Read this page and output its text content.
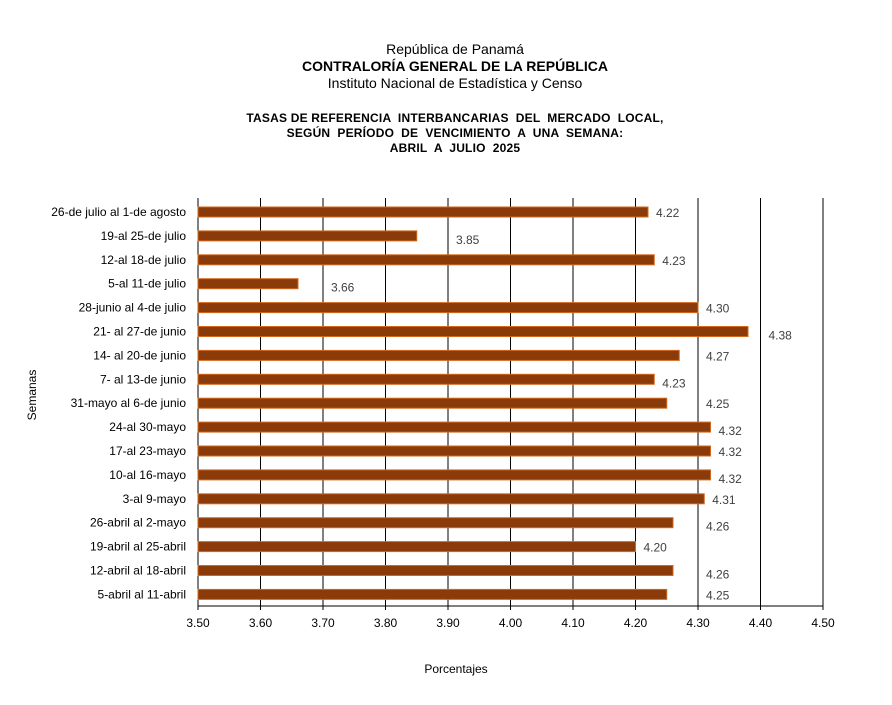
República de Panamá
CONTRALORÍA GENERAL DE LA REPÚBLICA
Instituto Nacional de Estadística y Censo
TASAS DE REFERENCIA  INTERBANCARIAS  DEL  MERCADO  LOCAL,
SEGÚN  PERÍODO  DE  VENCIMIENTO  A  UNA  SEMANA:
ABRIL  A  JULIO  2025
4.22
3.85
4.23
3.66
4.30
4.38
4.27
4.23
4.25
4.32
4.32
4.32
4.31
4.26
4.20
4.26
4.25
26-de julio al 1-de agosto
19-al 25-de julio
12-al 18-de julio
5-al 11-de julio
28-junio al 4-de julio
21- al 27-de junio
14- al 20-de junio
7- al 13-de junio
31-mayo al 6-de junio
24-al 30-mayo
17-al 23-mayo
10-al 16-mayo
3-al 9-mayo
26-abril al 2-mayo
19-abril al 25-abril
12-abril al 18-abril
5-abril al 11-abril
3.50	3.60	3.70	3.80	3.90	4.00	4.10	4.20	4.30	4.40	4.50
Porcentajes
Semanas
